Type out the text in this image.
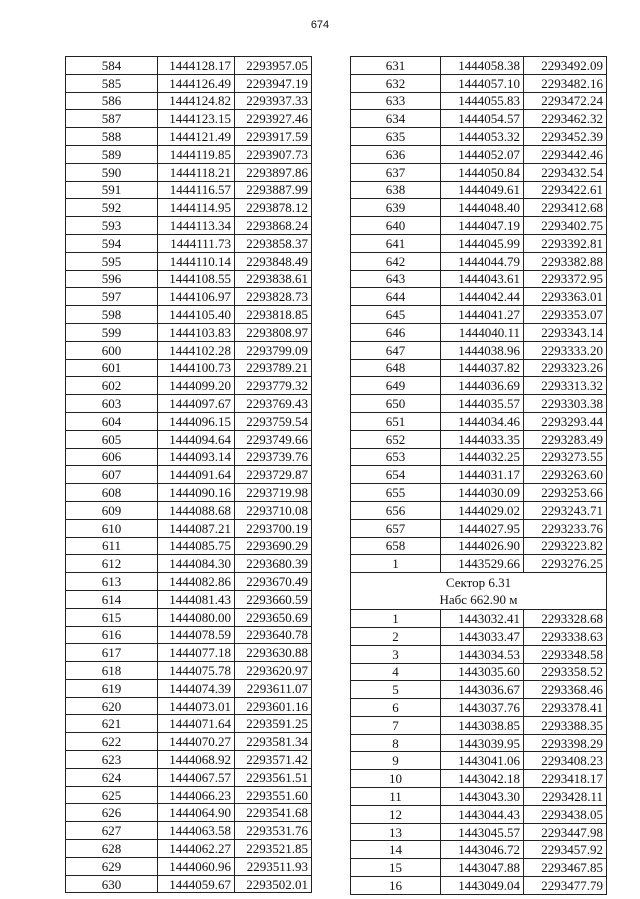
674
584	1444128.17	2293957.05
585	1444126.49	2293947.19
586	1444124.82	2293937.33
587	1444123.15	2293927.46
588	1444121.49	2293917.59
589	1444119.85	2293907.73
590	1444118.21	2293897.86
591	1444116.57	2293887.99
592	1444114.95	2293878.12
593	1444113.34	2293868.24
594	1444111.73	2293858.37
595	1444110.14	2293848.49
596	1444108.55	2293838.61
597	1444106.97	2293828.73
598	1444105.40	2293818.85
599	1444103.83	2293808.97
600	1444102.28	2293799.09
601	1444100.73	2293789.21
602	1444099.20	2293779.32
603	1444097.67	2293769.43
604	1444096.15	2293759.54
605	1444094.64	2293749.66
606	1444093.14	2293739.76
607	1444091.64	2293729.87
608	1444090.16	2293719.98
609	1444088.68	2293710.08
610	1444087.21	2293700.19
611	1444085.75	2293690.29
612	1444084.30	2293680.39
613	1444082.86	2293670.49
614	1444081.43	2293660.59
615	1444080.00	2293650.69
616	1444078.59	2293640.78
617	1444077.18	2293630.88
618	1444075.78	2293620.97
619	1444074.39	2293611.07
620	1444073.01	2293601.16
621	1444071.64	2293591.25
622	1444070.27	2293581.34
623	1444068.92	2293571.42
624	1444067.57	2293561.51
625	1444066.23	2293551.60
626	1444064.90	2293541.68
627	1444063.58	2293531.76
628	1444062.27	2293521.85
629	1444060.96	2293511.93
630	1444059.67	2293502.01
631	1444058.38	2293492.09
632	1444057.10	2293482.16
633	1444055.83	2293472.24
634	1444054.57	2293462.32
635	1444053.32	2293452.39
636	1444052.07	2293442.46
637	1444050.84	2293432.54
638	1444049.61	2293422.61
639	1444048.40	2293412.68
640	1444047.19	2293402.75
641	1444045.99	2293392.81
642	1444044.79	2293382.88
643	1444043.61	2293372.95
644	1444042.44	2293363.01
645	1444041.27	2293353.07
646	1444040.11	2293343.14
647	1444038.96	2293333.20
648	1444037.82	2293323.26
649	1444036.69	2293313.32
650	1444035.57	2293303.38
651	1444034.46	2293293.44
652	1444033.35	2293283.49
653	1444032.25	2293273.55
654	1444031.17	2293263.60
655	1444030.09	2293253.66
656	1444029.02	2293243.71
657	1444027.95	2293233.76
658	1444026.90	2293223.82
1	1443529.66	2293276.25

Сектор 6.31
Набс 662.90 м		

1	1443032.41	2293328.68
2	1443033.47	2293338.63
3	1443034.53	2293348.58
4	1443035.60	2293358.52
5	1443036.67	2293368.46
6	1443037.76	2293378.41
7	1443038.85	2293388.35
8	1443039.95	2293398.29
9	1443041.06	2293408.23
10	1443042.18	2293418.17
11	1443043.30	2293428.11
12	1443044.43	2293438.05
13	1443045.57	2293447.98
14	1443046.72	2293457.92
15	1443047.88	2293467.85
16	1443049.04	2293477.79
